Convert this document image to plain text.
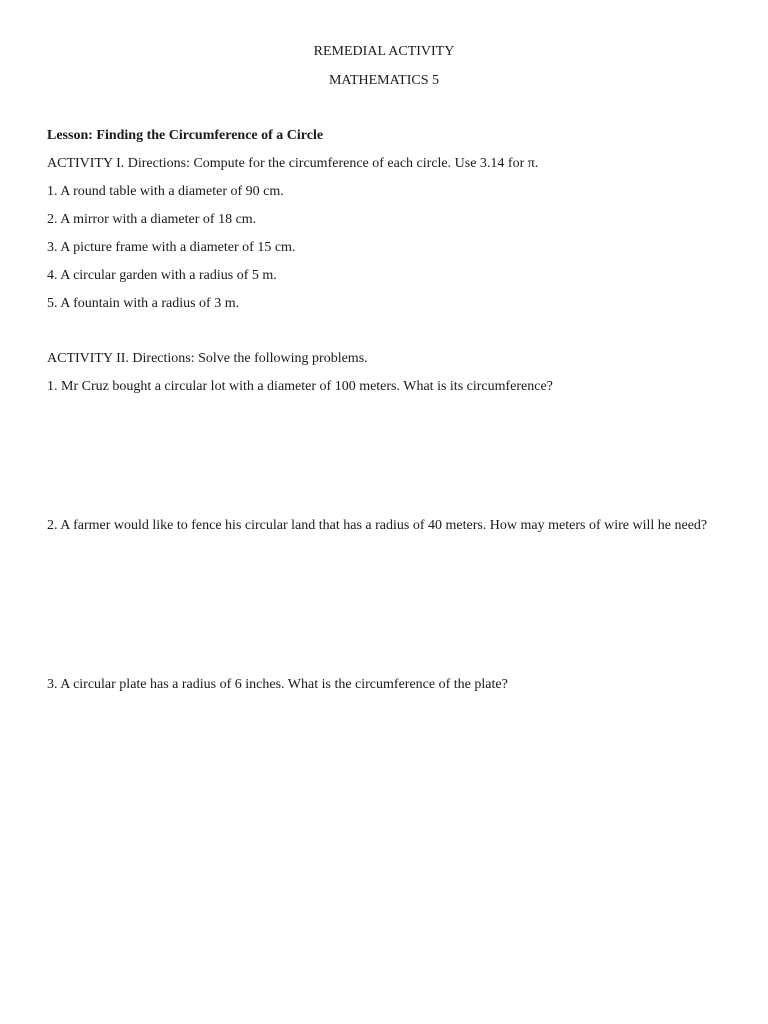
REMEDIAL ACTIVITY
MATHEMATICS 5
Lesson: Finding the Circumference of a Circle
ACTIVITY I. Directions: Compute for the circumference of each circle. Use 3.14 for π.
1. A round table with a diameter of 90 cm.
2. A mirror with a diameter of 18 cm.
3. A picture frame with a diameter of 15 cm.
4. A circular garden with a radius of 5 m.
5. A fountain with a radius of 3 m.
ACTIVITY II. Directions: Solve the following problems.
1. Mr Cruz bought a circular lot with a diameter of 100 meters. What is its circumference?
2. A farmer would like to fence his circular land that has a radius of 40 meters. How may meters of wire will he need?
3. A circular plate has a radius of 6 inches. What is the circumference of the plate?
